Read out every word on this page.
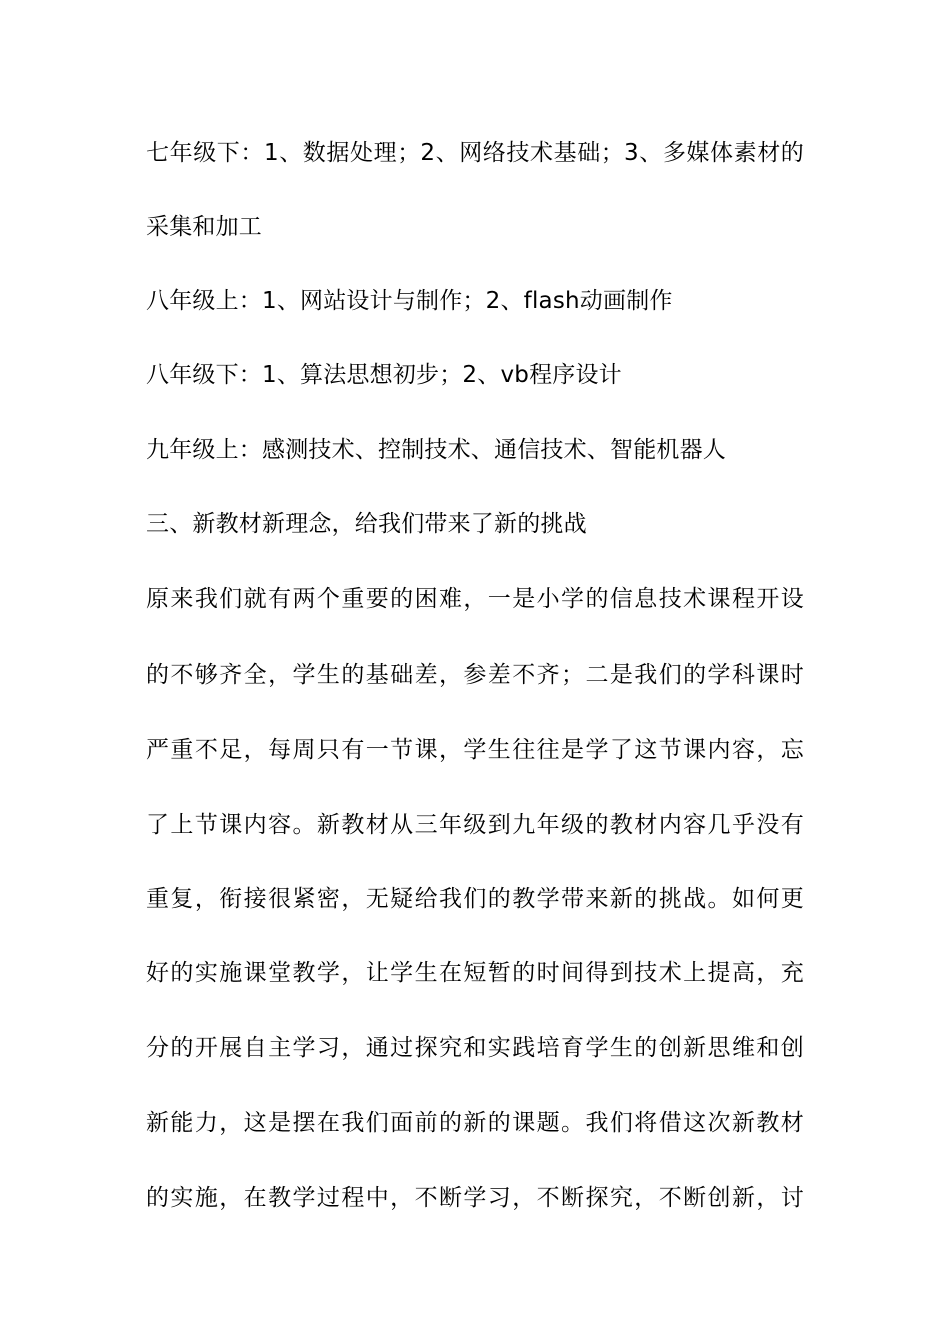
七年级下：1、数据处理；2、网络技术基础；3、多媒体素材的
采集和加工
八年级上：1、网站设计与制作；2、flash动画制作
八年级下：1、算法思想初步；2、vb程序设计
九年级上：感测技术、控制技术、通信技术、智能机器人
三、新教材新理念，给我们带来了新的挑战
原来我们就有两个重要的困难，一是小学的信息技术课程开设
的不够齐全，学生的基础差，参差不齐；二是我们的学科课时
严重不足，每周只有一节课，学生往往是学了这节课内容，忘
了上节课内容。新教材从三年级到九年级的教材内容几乎没有
重复，衔接很紧密，无疑给我们的教学带来新的挑战。如何更
好的实施课堂教学，让学生在短暂的时间得到技术上提高，充
分的开展自主学习，通过探究和实践培育学生的创新思维和创
新能力，这是摆在我们面前的新的课题。我们将借这次新教材
的实施，在教学过程中，不断学习，不断探究，不断创新，讨
